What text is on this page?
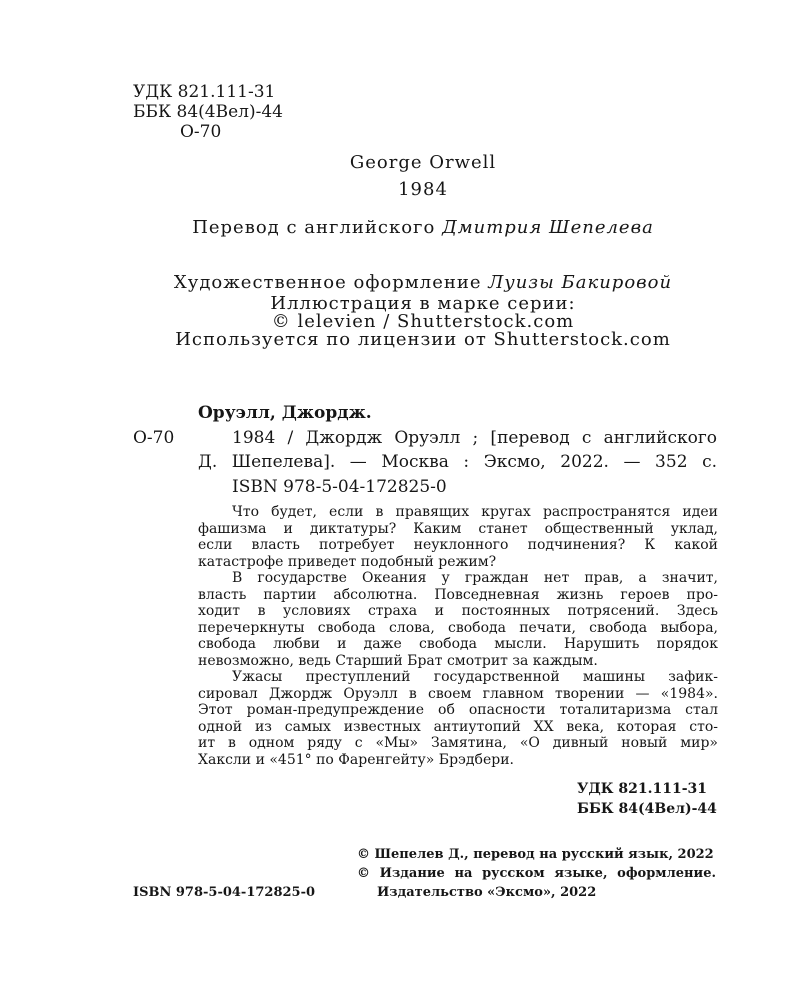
УДК 821.111-31
ББК 84(4Вел)-44
О-70
George Orwell
1984
Перевод с английского Дмитрия Шепелева
Художественное оформление Луизы Бакировой
Иллюстрация в марке серии:
© lelevien / Shutterstock.com
Используется по лицензии от Shutterstock.com
Оруэлл, Джордж.
О-70	1984 / Джордж Оруэлл ; [перевод с английского
Д. Шепелева]. — Москва : Эксмо, 2022. — 352 с.
ISBN 978-5-04-172825-0
Что будет, если в правящих кругах распространятся идеи
фашизма и диктатуры? Каким станет общественный уклад,
если власть потребует неуклонного подчинения? К какой
катастрофе приведет подобный режим?
В государстве Океания у граждан нет прав, а значит,
власть партии абсолютна. Повседневная жизнь героев про-
ходит в условиях страха и постоянных потрясений. Здесь
перечеркнуты свобода слова, свобода печати, свобода выбора,
свобода любви и даже свобода мысли. Нарушить порядок
невозможно, ведь Старший Брат смотрит за каждым.
Ужасы преступлений государственной машины зафик-
сировал Джордж Оруэлл в своем главном творении — «1984».
Этот роман-предупреждение об опасности тоталитаризма стал
одной из самых известных антиутопий XX века, которая сто-
ит в одном ряду с «Мы» Замятина, «О дивный новый мир»
Хаксли и «451° по Фаренгейту» Брэдбери.
УДК 821.111-31
ББК 84(4Вел)-44
© Шепелев Д., перевод на русский язык, 2022
© Издание на русском языке, оформление.
Издательство «Эксмо», 2022
ISBN 978-5-04-172825-0
